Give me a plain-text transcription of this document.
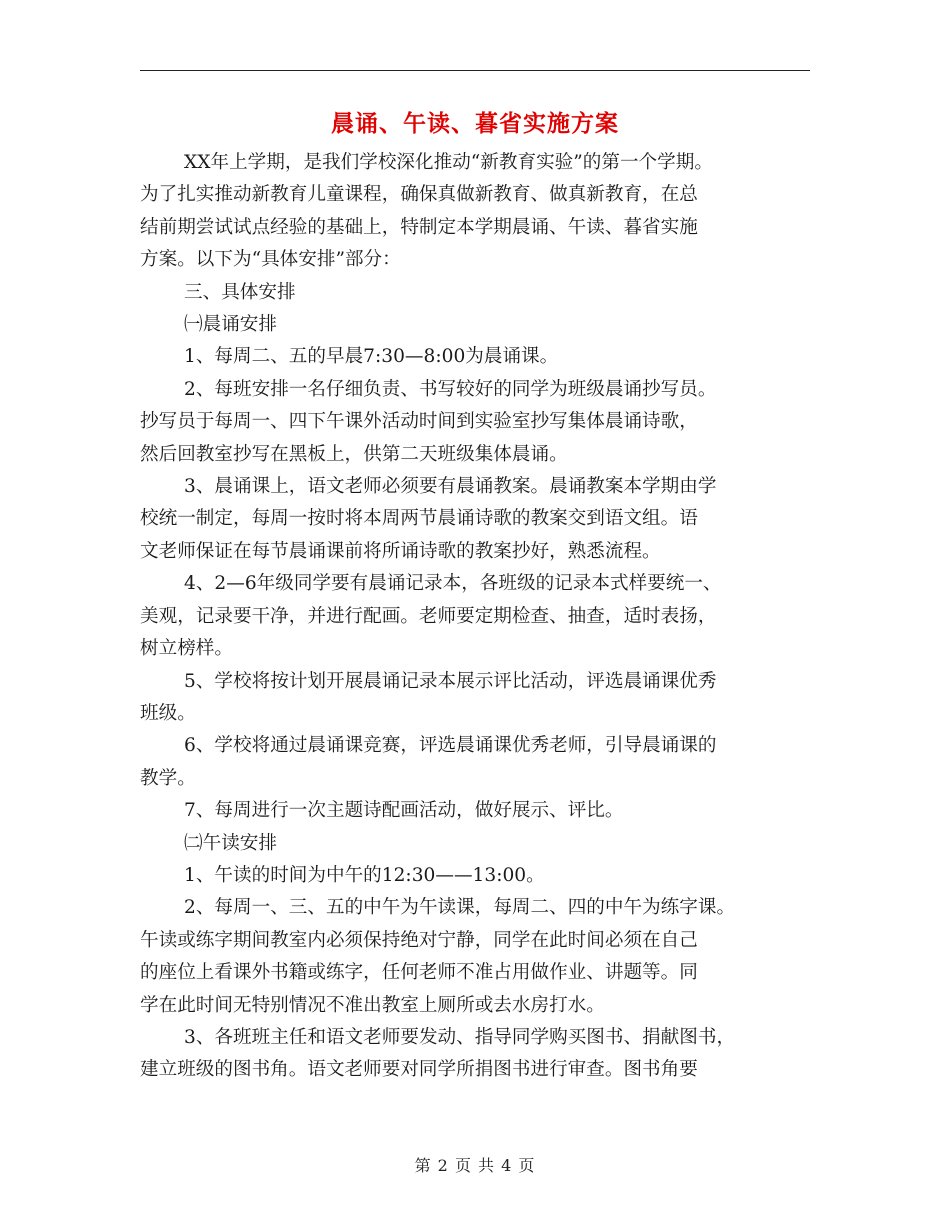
晨诵、午读、暮省实施方案

XX年上学期，是我们学校深化推动“新教育实验”的第一个学期。

为了扎实推动新教育儿童课程，确保真做新教育、做真新教育，在总

结前期尝试试点经验的基础上，特制定本学期晨诵、午读、暮省实施

方案。以下为“具体安排”部分：

三、具体安排

㈠晨诵安排

1、每周二、五的早晨7:30—8:00为晨诵课。

2、每班安排一名仔细负责、书写较好的同学为班级晨诵抄写员。

抄写员于每周一、四下午课外活动时间到实验室抄写集体晨诵诗歌，

然后回教室抄写在黑板上，供第二天班级集体晨诵。

3、晨诵课上，语文老师必须要有晨诵教案。晨诵教案本学期由学

校统一制定，每周一按时将本周两节晨诵诗歌的教案交到语文组。语

文老师保证在每节晨诵课前将所诵诗歌的教案抄好，熟悉流程。

4、2—6年级同学要有晨诵记录本，各班级的记录本式样要统一、

美观，记录要干净，并进行配画。老师要定期检查、抽查，适时表扬，

树立榜样。

5、学校将按计划开展晨诵记录本展示评比活动，评选晨诵课优秀

班级。

6、学校将通过晨诵课竞赛，评选晨诵课优秀老师，引导晨诵课的

教学。

7、每周进行一次主题诗配画活动，做好展示、评比。

㈡午读安排

1、午读的时间为中午的12:30——13:00。

2、每周一、三、五的中午为午读课，每周二、四的中午为练字课。

午读或练字期间教室内必须保持绝对宁静，同学在此时间必须在自己

的座位上看课外书籍或练字，任何老师不准占用做作业、讲题等。同

学在此时间无特别情况不准出教室上厕所或去水房打水。

3、各班班主任和语文老师要发动、指导同学购买图书、捐献图书，

建立班级的图书角。语文老师要对同学所捐图书进行审查。图书角要

第 2 页 共 4 页
